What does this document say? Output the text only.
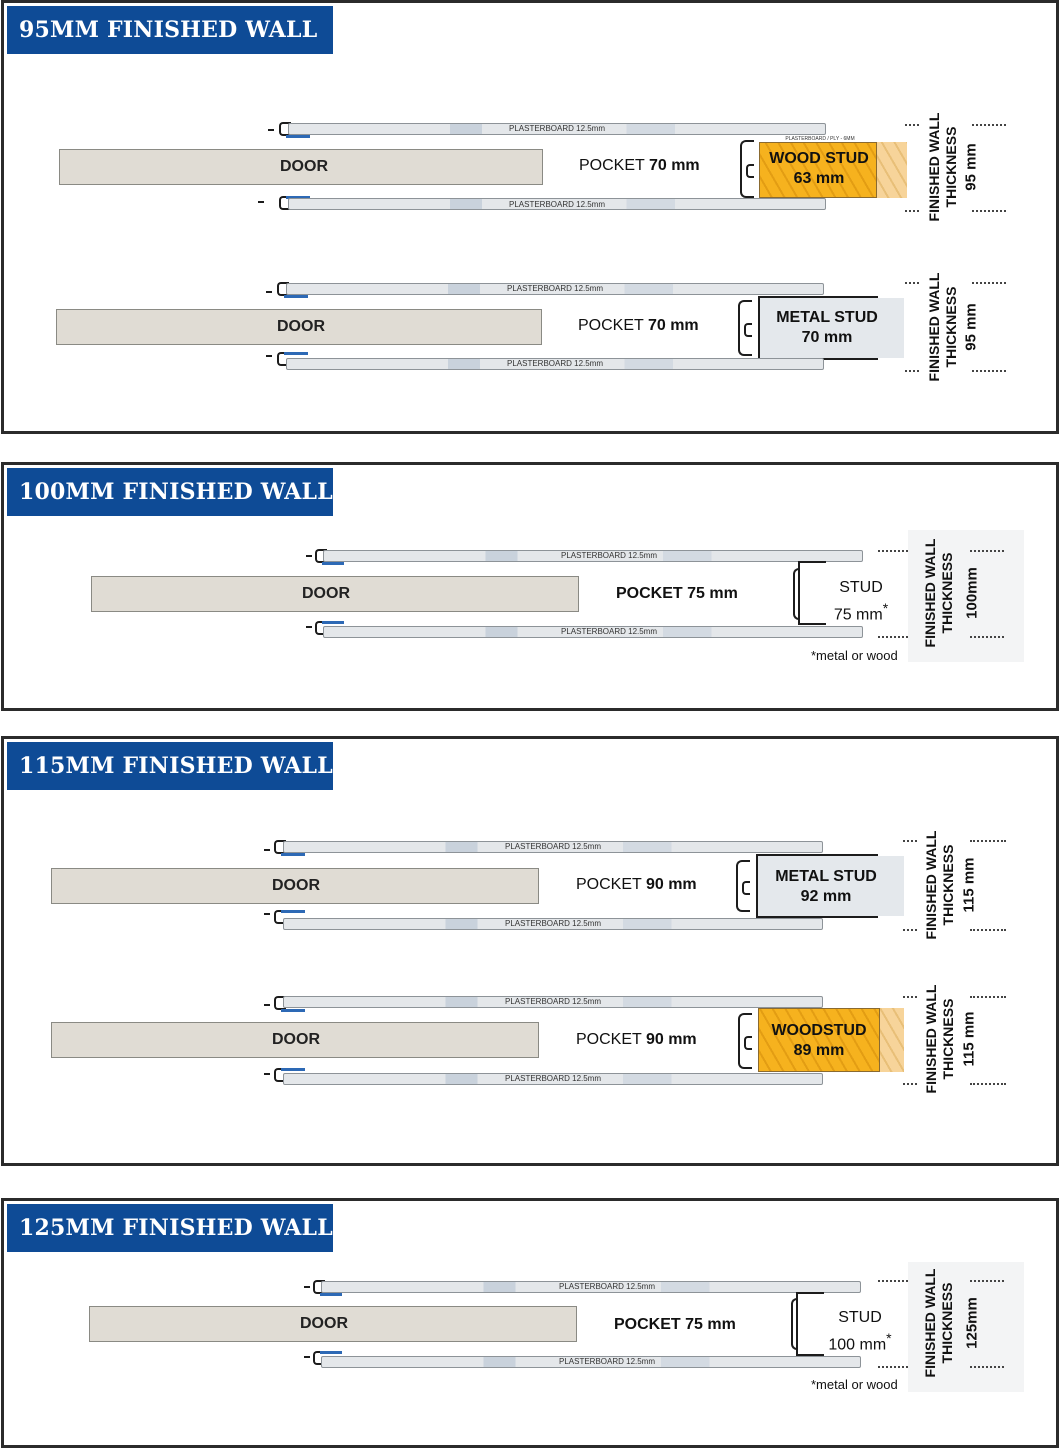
95MM FINISHED WALL
100MM FINISHED WALL
115MM FINISHED WALL
125MM FINISHED WALL
PLASTERBOARD 12.5mm
DOOR	POCKET 70 mm
PLASTERBOARD / PLY - 6MM
WOOD STUD
63 mm
PLASTERBOARD 12.5mm	FINISHED WALL THICKNESS 95 mm
PLASTERBOARD 12.5mm
DOOR	POCKET 70 mm	METAL STUD
70 mm
PLASTERBOARD 12.5mm	FINISHED WALL THICKNESS 95 mm
PLASTERBOARD 12.5mm
DOOR	POCKET 75 mm	STUD
75 mm*
PLASTERBOARD 12.5mm
*metal or wood
FINISHED WALL THICKNESS 100mm
PLASTERBOARD 12.5mm
DOOR	POCKET 90 mm	METAL STUD
92 mm
PLASTERBOARD 12.5mm	FINISHED WALL THICKNESS 115 mm
PLASTERBOARD 12.5mm
DOOR	POCKET 90 mm
WOODSTUD
89 mm
PLASTERBOARD 12.5mm	FINISHED WALL THICKNESS 115 mm
PLASTERBOARD 12.5mm
DOOR	POCKET 75 mm	STUD
100 mm*
PLASTERBOARD 12.5mm
*metal or wood
FINISHED WALL THICKNESS 125mm
